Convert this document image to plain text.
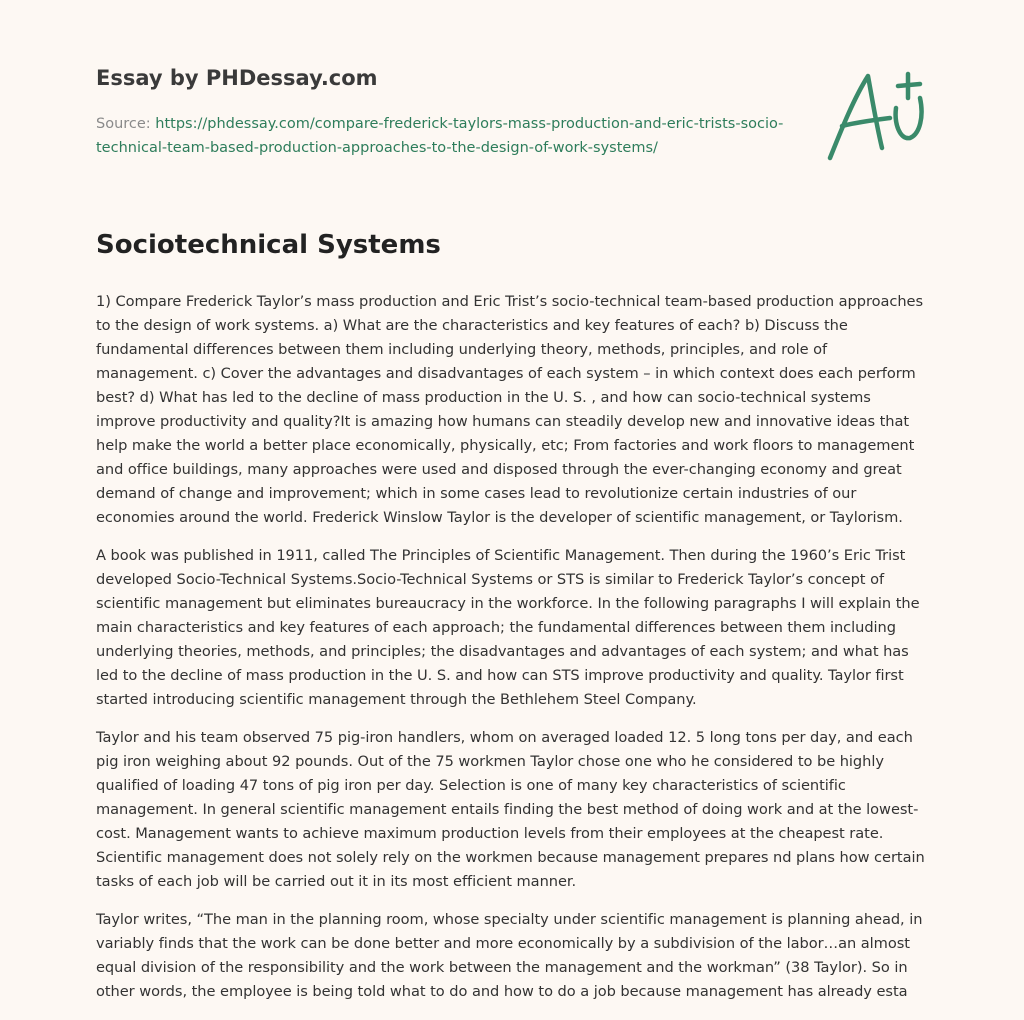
Essay by PHDessay.com
Source: https://phdessay.com/compare-frederick-taylors-mass-production-and-eric-trists-socio-technical-team-based-production-approaches-to-the-design-of-work-systems/
Sociotechnical Systems

1) Compare Frederick Taylor’s mass production and Eric Trist’s socio-technical team-based production approaches to the design of work systems. a) What are the characteristics and key features of each? b) Discuss the fundamental differences between them including underlying theory, methods, principles, and role of management. c) Cover the advantages and disadvantages of each system – in which context does each perform best? d) What has led to the decline of mass production in the U. S. , and how can socio-technical systems improve productivity and quality?It is amazing how humans can steadily develop new and innovative ideas that help make the world a better place economically, physically, etc; From factories and work floors to management and office buildings, many approaches were used and disposed through the ever-changing economy and great demand of change and improvement; which in some cases lead to revolutionize certain industries of our economies around the world. Frederick Winslow Taylor is the developer of scientific management, or Taylorism.

A book was published in 1911, called The Principles of Scientific Management. Then during the 1960’s Eric Trist developed Socio-Technical Systems.Socio-Technical Systems or STS is similar to Frederick Taylor’s concept of scientific management but eliminates bureaucracy in the workforce. In the following paragraphs I will explain the main characteristics and key features of each approach; the fundamental differences between them including underlying theories, methods, and principles; the disadvantages and advantages of each system; and what has led to the decline of mass production in the U. S. and how can STS improve productivity and quality. Taylor first started introducing scientific management through the Bethlehem Steel Company.

Taylor and his team observed 75 pig-iron handlers, whom on averaged loaded 12. 5 long tons per day, and each pig iron weighing about 92 pounds. Out of the 75 workmen Taylor chose one who he considered to be highly qualified of loading 47 tons of pig iron per day. Selection is one of many key characteristics of scientific management. In general scientific management entails finding the best method of doing work and at the lowest-cost. Management wants to achieve maximum production levels from their employees at the cheapest rate. Scientific management does not solely rely on the workmen because management prepares nd plans how certain tasks of each job will be carried out it in its most efficient manner.

Taylor writes, “The man in the planning room, whose specialty under scientific management is planning ahead, in variably finds that the work can be done better and more economically by a subdivision of the labor…an almost equal division of the responsibility and the work between the management and the workman” (38 Taylor). So in other words, the employee is being told what to do and how to do a job because management has already esta
